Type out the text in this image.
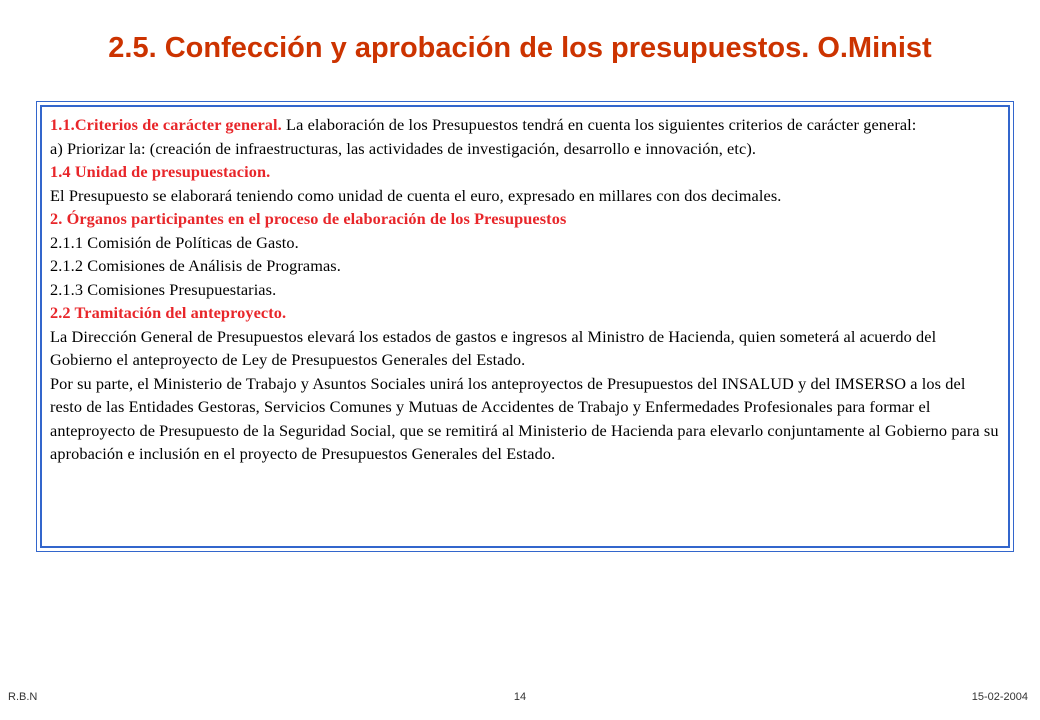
2.5. Confección y aprobación de los presupuestos. O.Minist

1.1.Criterios de carácter general. La elaboración de los Presupuestos tendrá en cuenta los siguientes criterios de carácter general:

a) Priorizar la: (creación de infraestructuras, las actividades de investigación, desarrollo e innovación, etc).

1.4 Unidad de presupuestacion.

El Presupuesto se elaborará teniendo como unidad de cuenta el euro, expresado en millares con dos decimales.

2. Órganos participantes en el proceso de elaboración de los Presupuestos

2.1.1 Comisión de Políticas de Gasto.

2.1.2 Comisiones de Análisis de Programas.

2.1.3 Comisiones Presupuestarias.

2.2 Tramitación del anteproyecto.

La Dirección General de Presupuestos elevará los estados de gastos e ingresos al Ministro de Hacienda, quien someterá al acuerdo del Gobierno el anteproyecto de Ley de Presupuestos Generales del Estado.

Por su parte, el Ministerio de Trabajo y Asuntos Sociales unirá los anteproyectos de Presupuestos del INSALUD y del IMSERSO a los del resto de las Entidades Gestoras, Servicios Comunes y Mutuas de Accidentes de Trabajo y Enfermedades Profesionales para formar el anteproyecto de Presupuesto de la Seguridad Social, que se remitirá al Ministerio de Hacienda para elevarlo conjuntamente al Gobierno para su aprobación e inclusión en el proyecto de Presupuestos Generales del Estado.

R.B.N	14	15-02-2004
